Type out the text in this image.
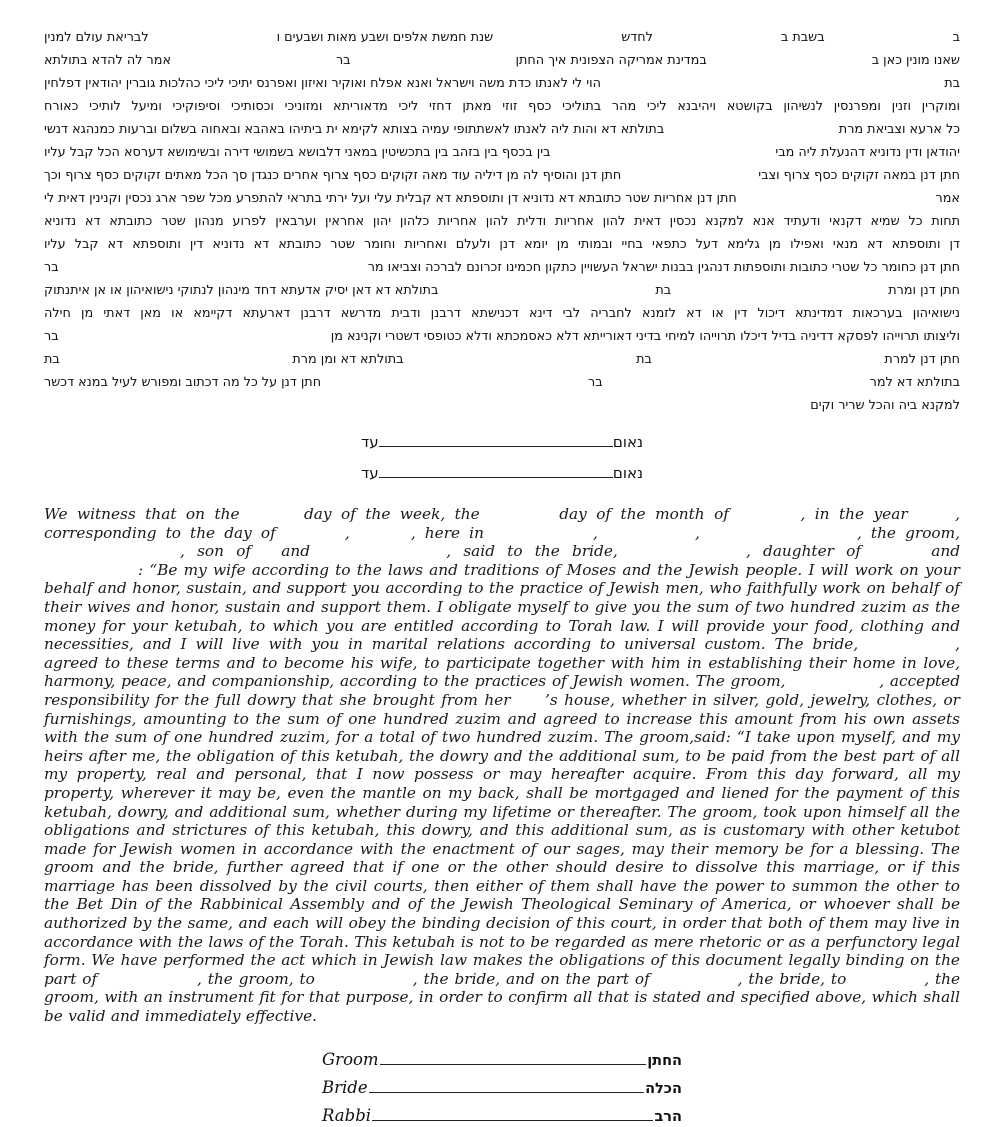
ב
בשבת ב
לחדש
שנת חמשת אלפים ושבע מאות ושבעים ו
לבריאת עולם למנין
שאנו מונין כאן ב
במדינת אמריקה הצפונית איך החתן
בר
אמר לה להדא בתולתא
בת
הוי לי לאנתו כדת משה וישראל ואנא אפלח ואוקיר ואיזון ואפרנס יתיכי ליכי כהלכות גוברין יהודאין דפלחין
ומוקרין וזנין ומפרנסין לנשיהון בקושטא ויהיבנא ליכי מהר בתוליכי כסף זוזי מאתן דחזי ליכי מדאוריתא ומזוניכי וכסותיכי וסיפוקיכי ומיעל לותיכי כאורח
כל ארעא וצביאת מרת
בתולתא דא והות ליה לאנתו לאשתתופי עמיה בצותא לקימא ית ביתיהו באהבא ובאחוה בשלום וברעות כמנהגא דנשי
יהודאן ודין נדוניא דהנעלת ליה מבי
בין בכסף בין בזהב בין בתכשיטין במאני דלבושא בשמושי דירה ובשימושא דערסא הכל קבל עליו
חתן דנן במאה זקוקים כסף צרוף וצבי
חתן דנן והוסיף לה מן דיליה עוד מאה זקוקים כסף צרוף אחרים כנגדן סך הכל מאתים זקוקים כסף צרוף וכך
אמר
חתן דנן אחריות שטר כתובתא דא נדוניא דן ותוספתא דא קבלית עלי ועל ירתי בתראי להתפרע מכל שפר ארג נכסין וקנינין דאית לי
תחות כל שמיא דקנאי ודעתיד אנא למקנא נכסין דאית להון אחריות ודלית להון אחריות כלהון יהון אחראין וערבאין לפרוע מנהון שטר כתובתא דא נדוניא
דן ותוספתא דא מנאי ואפילו מן גלימא דעל כתפאי בחיי ובמותי מן יומא דנן ולעלם ואחריות וחומר שטר כתובתא דא נדוניא דין ותוספתא דא קבל עליו
חתן דנן כחומר כל שטרי כתובות ותוספתות דנהגין בבנות ישראל העשויין כתקון חכמינו זכרונם לברכה וצביאו מר
בר
חתן דנן ומרת
בת
בתולתא דא דאן יסיק אדעתא דחד מינהון לנתוקי נישואיהון או אן איתנתוק
נישואיהון בערכאות דמדינתא דיכול דין או דא לזמנא לחבריה לבי דינא דכנישתא דרבנן ודבית מדרשא דרבנן דארעתא דקיימא או מאן דאתי מן חילה
וליצותו תרוייהו לפסקא דדיניה בדיל דיכלו תרוייהו למיחי בדיני דאורייתא דלא כאסמכתא ודלא כטופסי דשטרי וקנינא מן
בר
חתן דנן למרת
בת
בתולתא דא ומן מרת
בת
בתולתא דא למר
בר
חתן דנן על כל מה דכתוב ומפורש לעיל במנא דכשר
למקנא ביה והכל שריר וקים
נאום
עד
נאום
עד

We witness that on the	day of the week, the	day of the month of	, in the year , corresponding to the day of	,	, here in	,	,	, the groom, , son of and	, said to the bride,	, daughter of	and : “Be my wife according to the laws and traditions of Moses and the Jewish people. I will work on your behalf and honor, sustain, and support you according to the practice of Jewish men, who faithfully work on behalf of their wives and honor, sustain and support them. I obligate myself to give you the sum of two hundred zuzim as the money for your ketubah, to which you are entitled according to Torah law. I will provide your food, clothing and necessities, and I will live with you in marital relations according to universal custom. The bride,	, agreed to these terms and to become his wife, to participate together with him in establishing their home in love, harmony, peace, and companionship, according to the practices of Jewish women. The groom,	, accepted responsibility for the full dowry that she brought from her ’s house, whether in silver, gold, jewelry, clothes, or furnishings, amounting to the sum of one hundred zuzim and agreed to increase this amount from his own assets with the sum of one hundred zuzim, for a total of two hundred zuzim. The groom,said: “I take upon myself, and my heirs after me, the obligation of this ketubah, the dowry and the additional sum, to be paid from the best part of all my property, real and personal, that I now possess or may hereafter acquire. From this day forward, all my property, wherever it may be, even the mantle on my back, shall be mortgaged and liened for the payment of this ketubah, dowry, and additional sum, whether during my lifetime or thereafter. The groom, took upon himself all the obligations and strictures of this ketubah, this dowry, and this additional sum, as is customary with other ketubot made for Jewish women in accordance with the enactment of our sages, may their memory be for a blessing. The groom and the bride, further agreed that if one or the other should desire to dissolve this marriage, or if this marriage has been dissolved by the civil courts, then either of them shall have the power to summon the other to the Bet Din of the Rabbinical Assembly and of the Jewish Theological Seminary of America, or whoever shall be authorized by the same, and each will obey the binding decision of this court, in order that both of them may live in accordance with the laws of the Torah. This ketubah is not to be regarded as mere rhetoric or as a perfunctory legal form. We have performed the act which in Jewish law makes the obligations of this document legally binding on the part of	, the groom, to	, the bride, and on the part of	, the bride, to	, the groom, with an instrument fit for that purpose, in order to confirm all that is stated and specified above, which shall be valid and immediately effective.

Groom	החתן
Bride	הכלה
Rabbi	הרב
